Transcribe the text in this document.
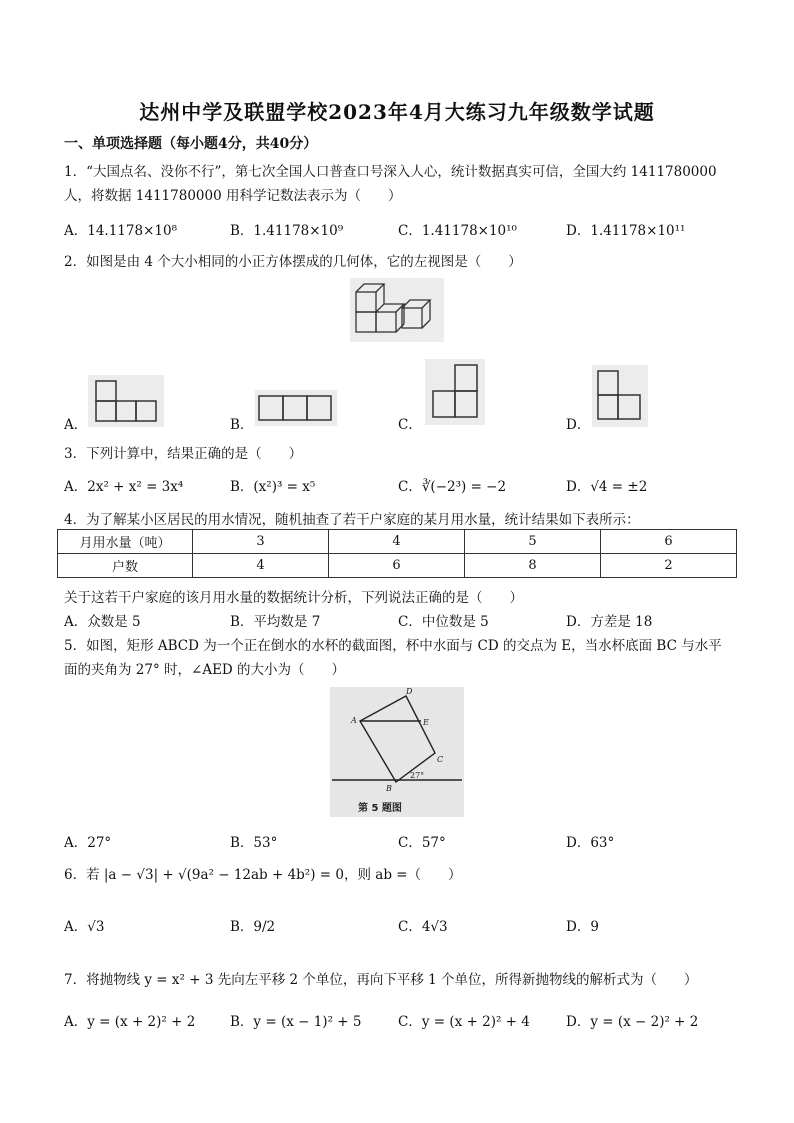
达州中学及联盟学校2023年4月大练习九年级数学试题
一、单项选择题（每小题4分，共40分）
1．“大国点名、没你不行”，第七次全国人口普查口号深入人心，统计数据真实可信，全国大约 1411780000
人，将数据 1411780000 用科学记数法表示为（　　）
A．14.1178×10⁸	B．1.41178×10⁹	C．1.41178×10¹⁰	D．1.41178×10¹¹
2．如图是由 4 个大小相同的小正方体摆成的几何体，它的左视图是（　　）
A．	B．	C．	D．
3．下列计算中，结果正确的是（　　）
A．2x² + x² = 3x⁴	B．(x²)³ = x⁵	C．∛(−2³) = −2	D．√4 = ±2
4．为了解某小区居民的用水情况，随机抽查了若干户家庭的某月用水量，统计结果如下表所示：
月用水量（吨）	3	4	5	6
户数	4	6	8	2
关于这若干户家庭的该月用水量的数据统计分析，下列说法正确的是（　　）
A．众数是 5	B．平均数是 7	C．中位数是 5	D．方差是 18
5．如图，矩形 ABCD 为一个正在倒水的水杯的截面图，杯中水面与 CD 的交点为 E，当水杯底面 BC 与水平
面的夹角为 27° 时，∠AED 的大小为（　　）
D
A	E
C
B
27°
第 5 题图
A．27°	B．53°	C．57°	D．63°
6．若 |a − √3| + √(9a² − 12ab + 4b²) = 0，则 ab =（　　）
A．√3	B．9/2	C．4√3	D．9
7．将抛物线 y = x² + 3 先向左平移 2 个单位，再向下平移 1 个单位，所得新抛物线的解析式为（　　）
A．y = (x + 2)² + 2	B．y = (x − 1)² + 5	C．y = (x + 2)² + 4	D．y = (x − 2)² + 2
